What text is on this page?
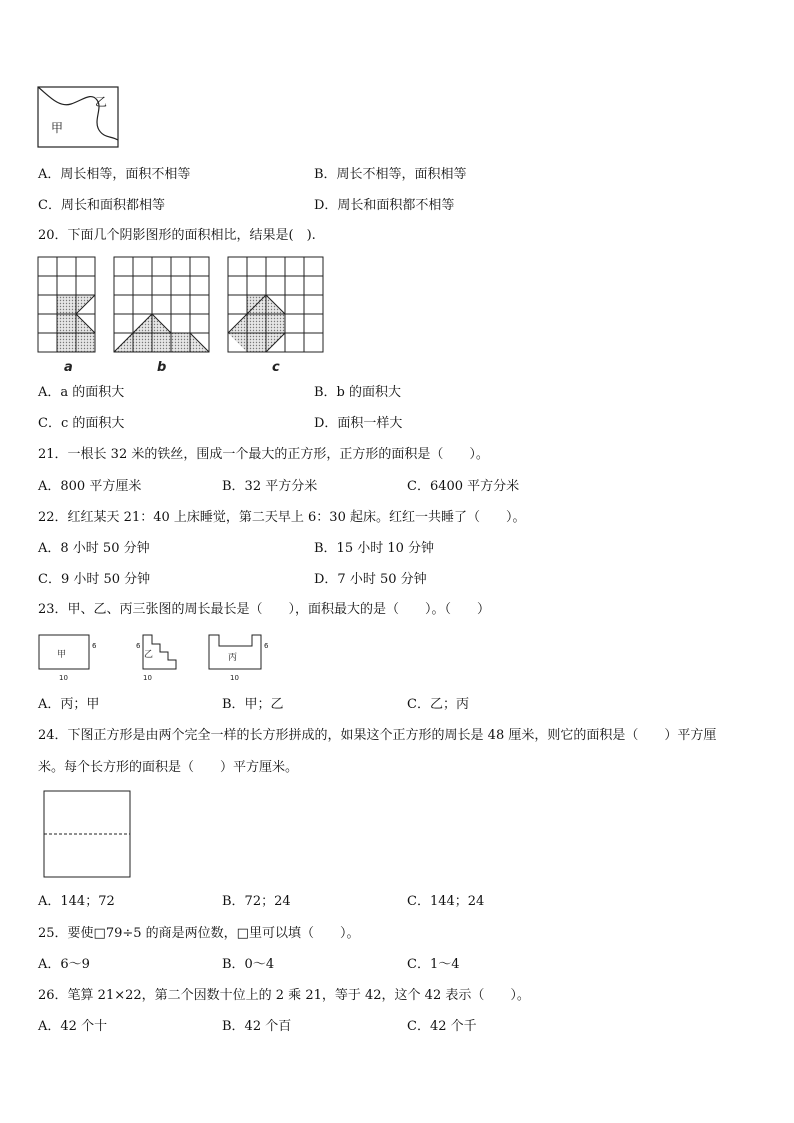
甲
乙
A．周长相等，面积不相等	B．周长不相等，面积相等
C．周长和面积都相等	D．周长和面积都不相等
20．下面几个阴影图形的面积相比，结果是(　).
a	b	c
A．a 的面积大	B．b 的面积大
C．c 的面积大	D．面积一样大
21．一根长 32 米的铁丝，围成一个最大的正方形，正方形的面积是（　　）。
A．800 平方厘米	B．32 平方分米	C．6400 平方分米
22．红红某天 21：40 上床睡觉，第二天早上 6：30 起床。红红一共睡了（　　）。
A．8 小时 50 分钟	B．15 小时 10 分钟
C．9 小时 50 分钟	D．7 小时 50 分钟
23．甲、乙、丙三张图的周长最长是（　　），面积最大的是（　　）。（　　）
甲
6
10
乙
6
10
丙
6
10
A．丙；甲	B．甲；乙	C．乙；丙
24．下图正方形是由两个完全一样的长方形拼成的，如果这个正方形的周长是 48 厘米，则它的面积是（　　）平方厘
米。每个长方形的面积是（　　）平方厘米。
A．144；72	B．72；24	C．144；24
25．要使□79÷5 的商是两位数，□里可以填（　　）。
A．6～9	B．0～4	C．1～4
26．笔算 21×22，第二个因数十位上的 2 乘 21，等于 42，这个 42 表示（　　）。
A．42 个十	B．42 个百	C．42 个千
